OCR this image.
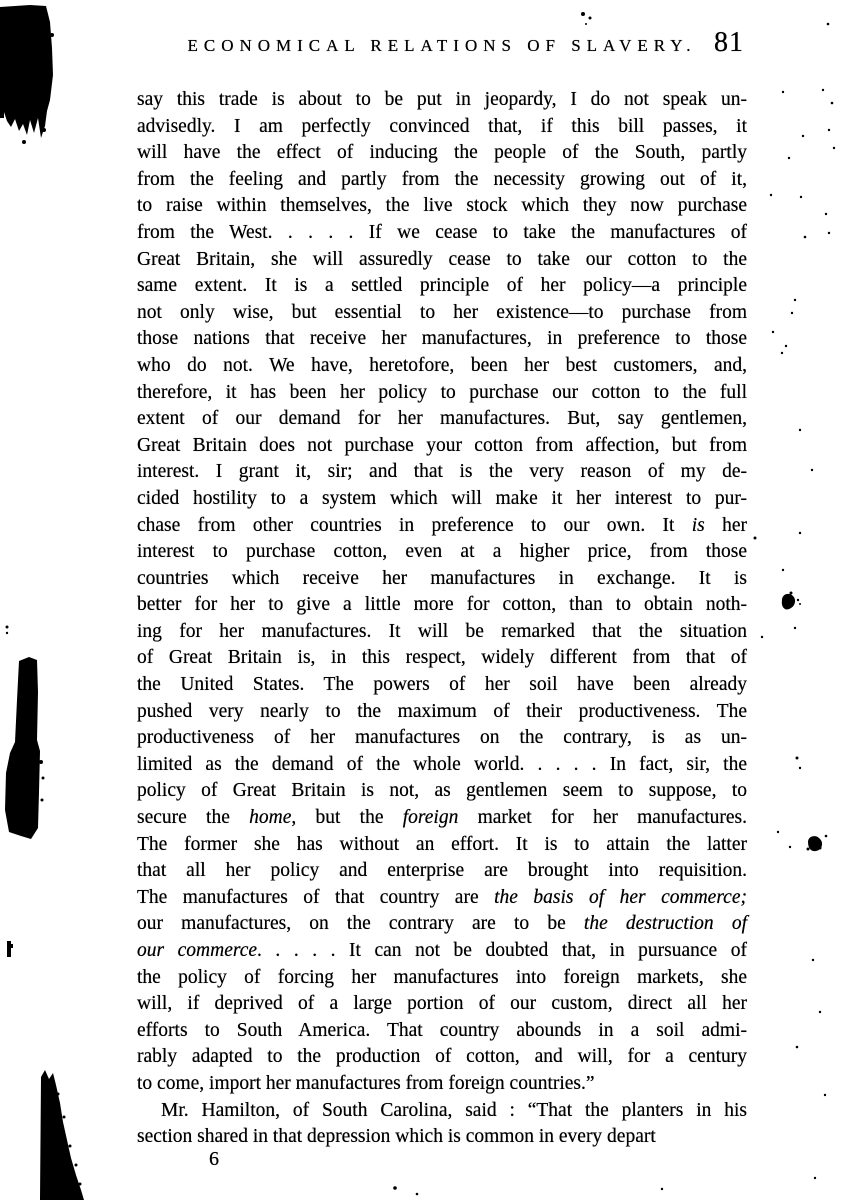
ECONOMICAL RELATIONS OF SLAVERY. 81
say this trade is about to be put in jeopardy, I do not speak un-
advisedly. I am perfectly convinced that, if this bill passes, it
will have the effect of inducing the people of the South, partly
from the feeling and partly from the necessity growing out of it,
to raise within themselves, the live stock which they now purchase
from the West. . . . . If we cease to take the manufactures of
Great Britain, she will assuredly cease to take our cotton to the
same extent. It is a settled principle of her policy—a principle
not only wise, but essential to her existence—to purchase from
those nations that receive her manufactures, in preference to those
who do not. We have, heretofore, been her best customers, and,
therefore, it has been her policy to purchase our cotton to the full
extent of our demand for her manufactures. But, say gentlemen,
Great Britain does not purchase your cotton from affection, but from
interest. I grant it, sir; and that is the very reason of my de-
cided hostility to a system which will make it her interest to pur-
chase from other countries in preference to our own. It is her
interest to purchase cotton, even at a higher price, from those
countries which receive her manufactures in exchange. It is
better for her to give a little more for cotton, than to obtain noth-
ing for her manufactures. It will be remarked that the situation
of Great Britain is, in this respect, widely different from that of
the United States. The powers of her soil have been already
pushed very nearly to the maximum of their productiveness. The
productiveness of her manufactures on the contrary, is as un-
limited as the demand of the whole world. . . . . In fact, sir, the
policy of Great Britain is not, as gentlemen seem to suppose, to
secure the home, but the foreign market for her manufactures.
The former she has without an effort. It is to attain the latter
that all her policy and enterprise are brought into requisition.
The manufactures of that country are the basis of her commerce;
our manufactures, on the contrary are to be the destruction of
our commerce. . . . . It can not be doubted that, in pursuance of
the policy of forcing her manufactures into foreign markets, she
will, if deprived of a large portion of our custom, direct all her
efforts to South America. That country abounds in a soil admi-
rably adapted to the production of cotton, and will, for a century
to come, import her manufactures from foreign countries.”
Mr. Hamilton, of South Carolina, said : “That the planters in his
section shared in that depression which is common in every depart
6
